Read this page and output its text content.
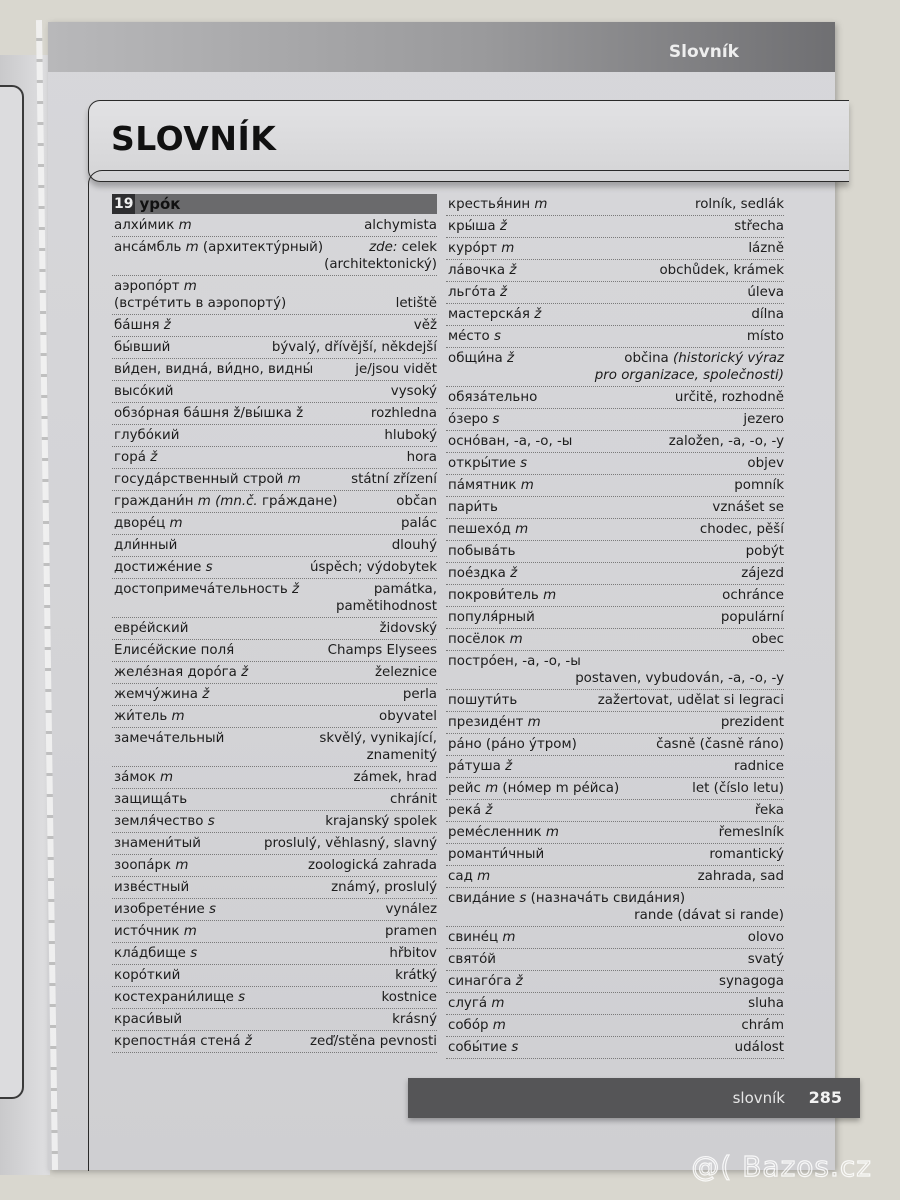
Slovník
SLOVNÍK
19 урóк
алхи́мик m	alchymista
анса́мбль m (архитекту́рный)	zde: celek
(architektonický)
аэропóрт m
(встрéтить в аэропорту́)	letiště
бáшня ž	věž
бы́вший	bývalý, dřívější, někdejší
ви́ден, виднá, ви́дно, видны́	je/jsou vidět
высóкий	vysoký
обзóрная бáшня ž/вы́шка ž	rozhledna
глубóкий	hluboký
горá ž	hora
госудáрственный строй m	státní zřízení
граждани́н m (mn.č. грáждане)	občan
дворéц m	palác
дли́нный	dlouhý
достижéние s	úspěch; výdobytek
достопримечáтельность ž	památka,
pamětihodnost
еврéйский	židovský
Елисéйские поля́	Champs Elysees
желéзная дорóга ž	železnice
жемчу́жина ž	perla
жи́тель m	obyvatel
замечáтельный	skvělý, vynikající,
znamenitý
зáмок m	zámek, hrad
защищáть	chránit
земля́чество s	krajanský spolek
знамени́тый	proslulý, věhlasný, slavný
зоопáрк m	zoologická zahrada
извéстный	známý, proslulý
изобретéние s	vynález
истóчник m	pramen
клáдбище s	hřbitov
корóткий	krátký
костехрани́лище s	kostnice
краси́вый	krásný
крепостнáя стенá ž	zeď/stěna pevnosti
крестья́нин m	rolník, sedlák
кры́ша ž	střecha
курóрт m	lázně
лáвочка ž	obchůdek, krámek
льгóта ž	úleva
мастерскáя ž	dílna
мéсто s	místo
общи́на ž	občina (historický výraz
pro organizace, společnosti)
обязáтельно	určitě, rozhodně
óзеро s	jezero
оснóван, -а, -о, -ы	založen, -a, -o, -y
откры́тие s	objev
пáмятник m	pomník
пари́ть	vznášet se
пешехóд m	chodec, pěší
побывáть	pobýt
поéздка ž	zájezd
покрови́тель m	ochránce
популя́рный	populární
посёлок m	obec
пострóен, -а, -о, -ы
postaven, vybudován, -a, -o, -y
пошути́ть	zažertovat, udělat si legraci
президéнт m	prezident
рáно (рáно у́тром)	časně (časně ráno)
рáтуша ž	radnice
рейс m (нóмер m рéйса)	let (číslo letu)
рекá ž	řeka
ремéсленник m	řemeslník
романти́чный	romantický
сад m	zahrada, sad
свидáние s (назначáть свидáния)
rande (dávat si rande)
свинéц m	olovo
святóй	svatý
синагóга ž	synagoga
слугá m	sluha
собóр m	chrám
собы́тие s	událost
slovník 285
@( Bazos.cz
